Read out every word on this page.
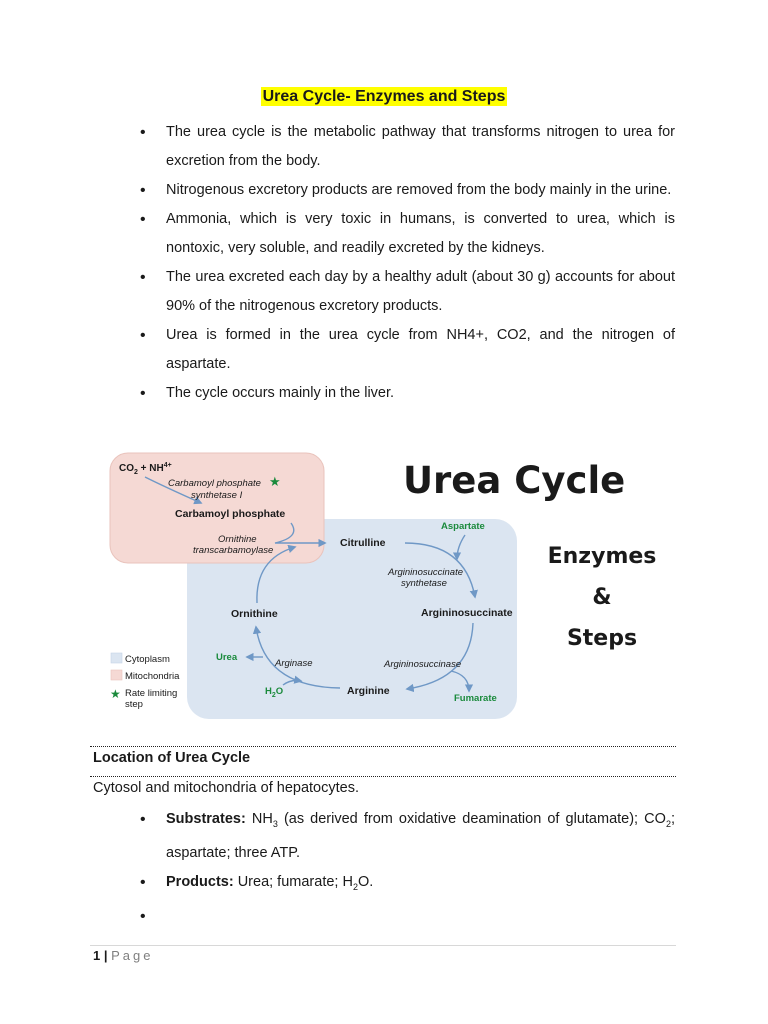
Urea Cycle- Enzymes and Steps
• The urea cycle is the metabolic pathway that transforms nitrogen to urea for excretion from the body.
• Nitrogenous excretory products are removed from the body mainly in the urine.
• Ammonia, which is very toxic in humans, is converted to urea, which is nontoxic, very soluble, and readily excreted by the kidneys.
• The urea excreted each day by a healthy adult (about 30 g) accounts for about 90% of the nitrogenous excretory products.
• Urea is formed in the urea cycle from NH4+, CO2, and the nitrogen of aspartate.
• The cycle occurs mainly in the liver.
Urea Cycle
Enzymes
&
Steps
$CO_2 + NH^{4+}$
Carbamoyl phosphate
synthetase I
★
Carbamoyl phosphate
Ornithine
transcarbamoylase
Citrulline
Aspartate
Argininosuccinate
synthetase
Argininosuccinate
Argininosuccinase
Fumarate
Arginine
Arginase
$H_2O$
Urea
Ornithine
Cytoplasm
Mitochondria
★ Rate limiting
step
Location of Urea Cycle
Cytosol and mitochondria of hepatocytes.
• Substrates: $NH_3$ (as derived from oxidative deamination of glutamate); $CO_2$; aspartate; three ATP.
• Products: Urea; fumarate; $H_2O$.
•
1 | Page
